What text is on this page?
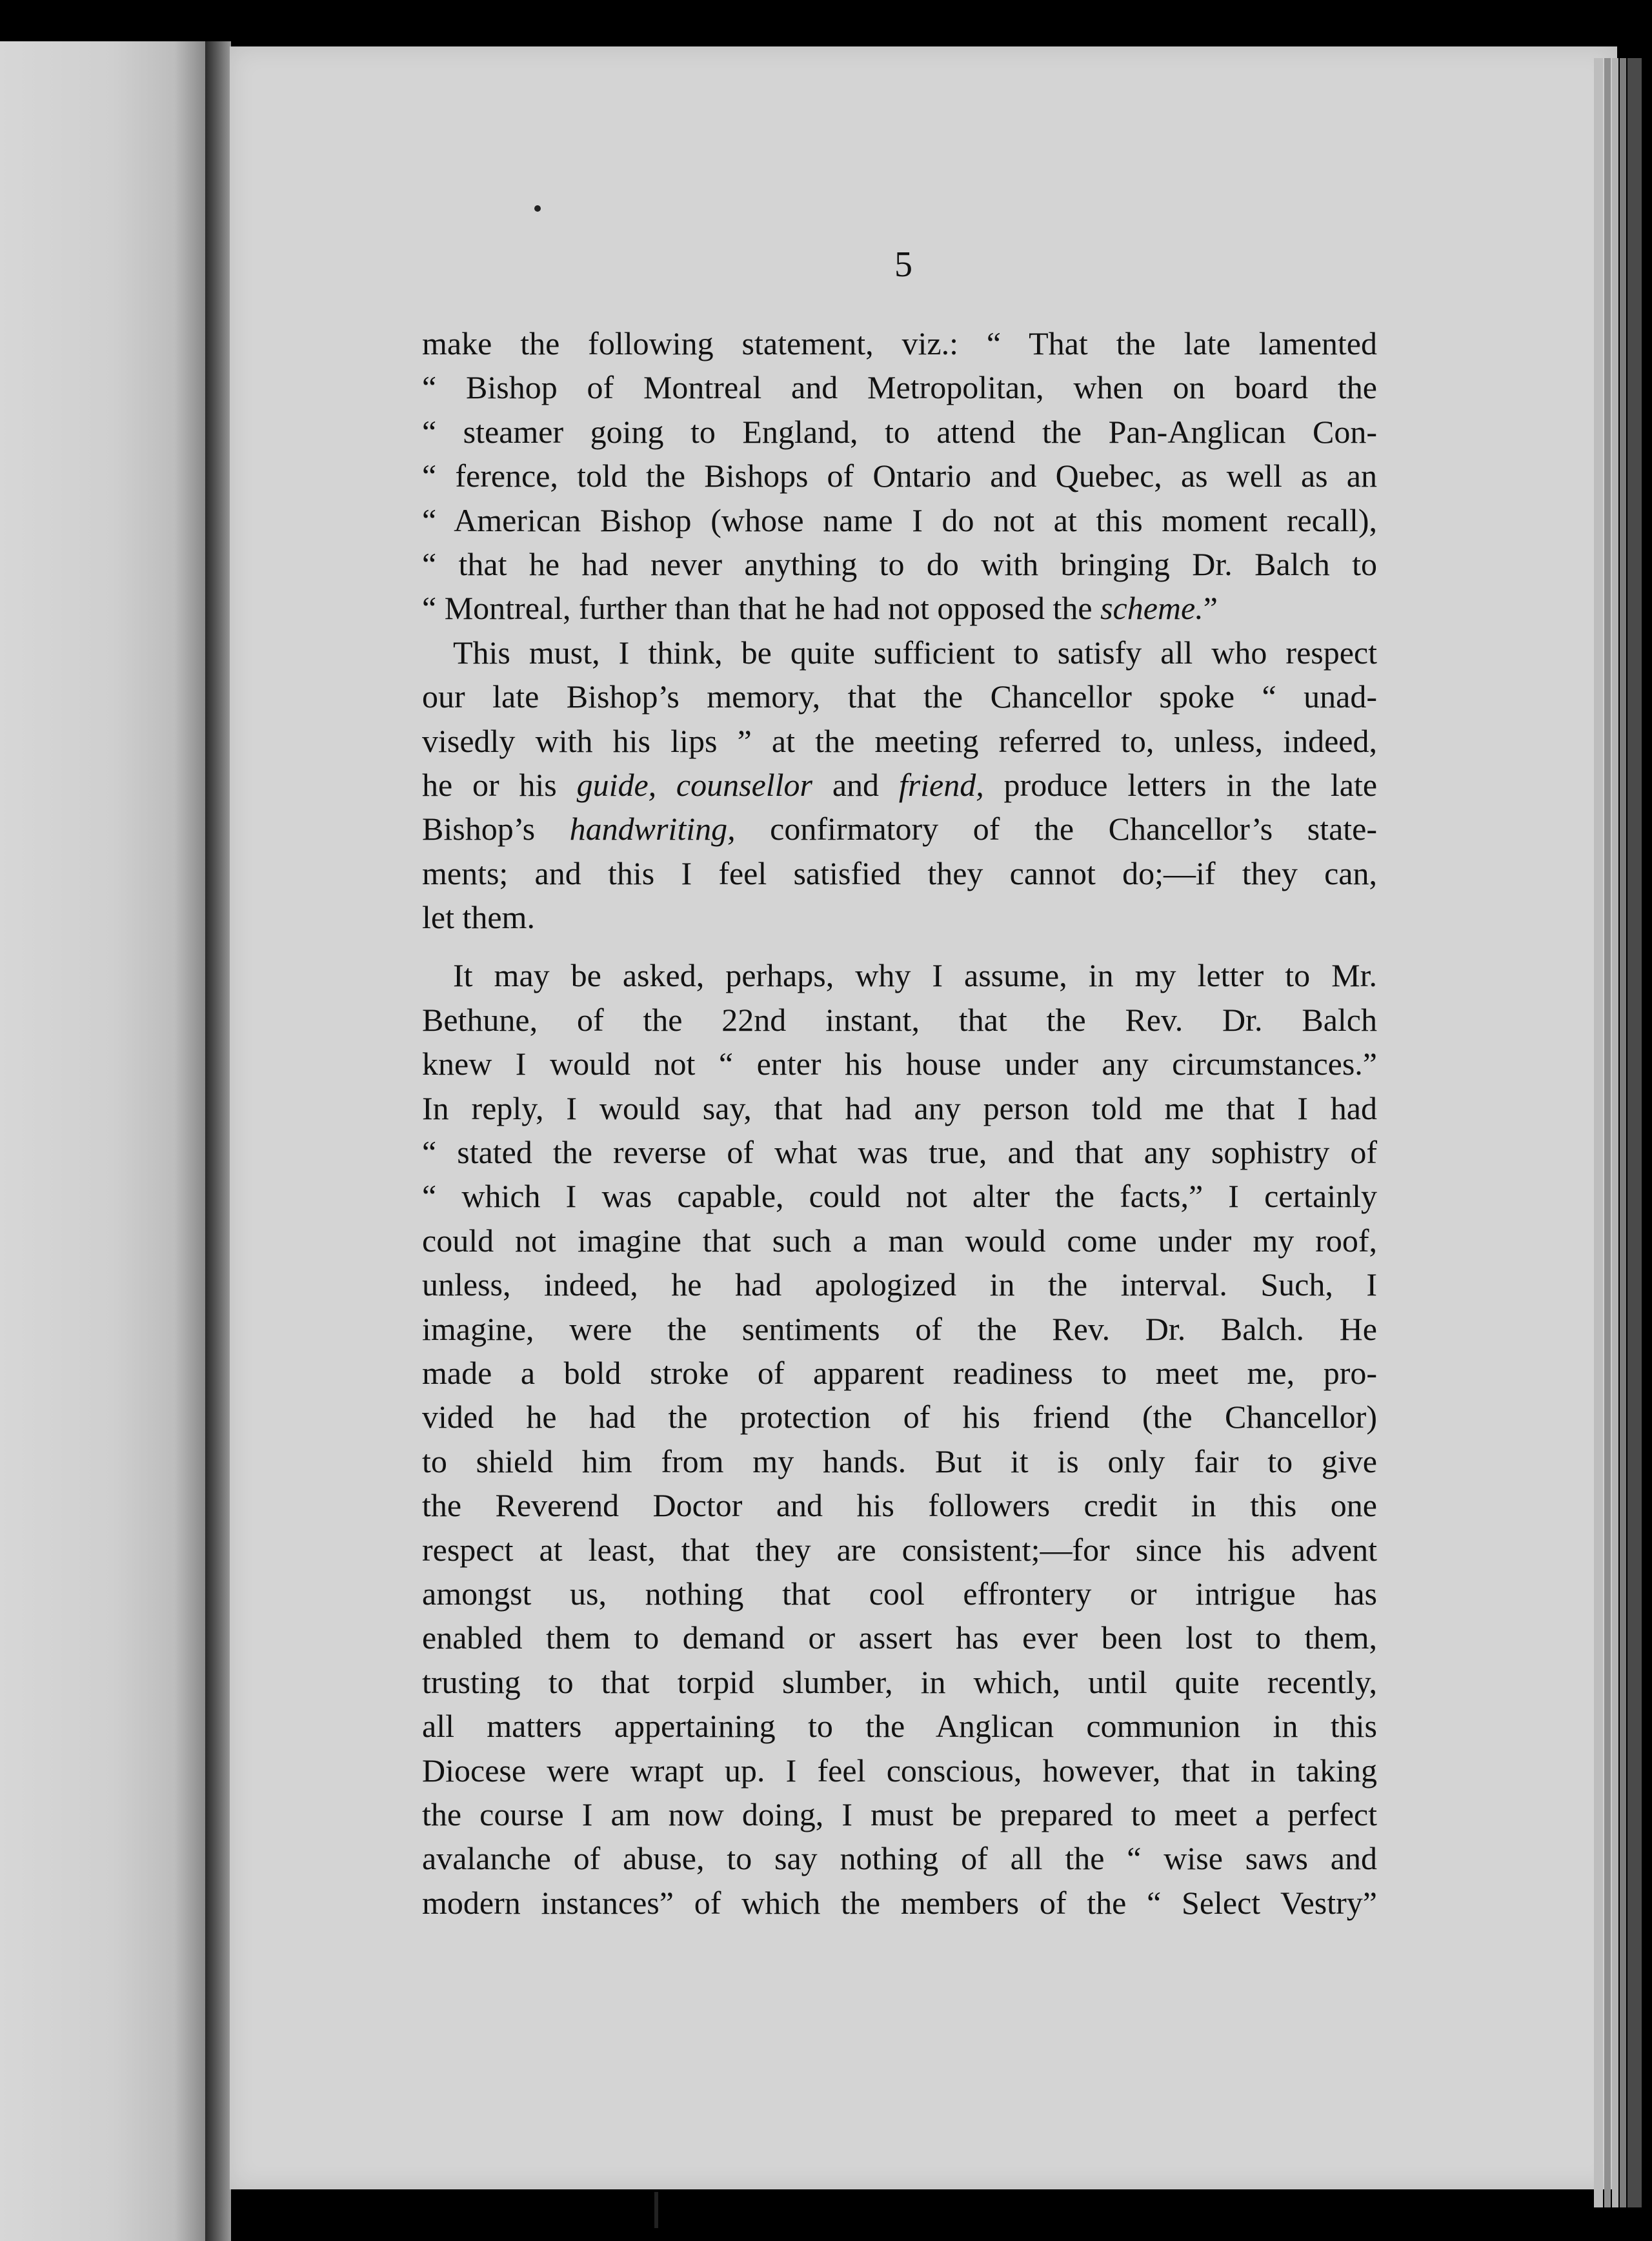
5
make the following statement, viz.: “ That the late lamented
“ Bishop of Montreal and Metropolitan, when on board the
“ steamer going to England, to attend the Pan-Anglican Con-
“ ference, told the Bishops of Ontario and Quebec, as well as an
“ American Bishop (whose name I do not at this moment recall),
“ that he had never anything to do with bringing Dr. Balch to
“ Montreal, further than that he had not opposed the scheme.”
This must, I think, be quite sufficient to satisfy all who respect
our late Bishop’s memory, that the Chancellor spoke “ unad-
visedly with his lips ” at the meeting referred to, unless, indeed,
he or his guide, counsellor and friend, produce letters in the late
Bishop’s handwriting, confirmatory of the Chancellor’s state-
ments; and this I feel satisfied they cannot do;—if they can,
let them.
It may be asked, perhaps, why I assume, in my letter to Mr.
Bethune, of the 22nd instant, that the Rev. Dr. Balch
knew I would not “ enter his house under any circumstances.”
In reply, I would say, that had any person told me that I had
“ stated the reverse of what was true, and that any sophistry of
“ which I was capable, could not alter the facts,” I certainly
could not imagine that such a man would come under my roof,
unless, indeed, he had apologized in the interval. Such, I
imagine, were the sentiments of the Rev. Dr. Balch. He
made a bold stroke of apparent readiness to meet me, pro-
vided he had the protection of his friend (the Chancellor)
to shield him from my hands. But it is only fair to give
the Reverend Doctor and his followers credit in this one
respect at least, that they are consistent;—for since his advent
amongst us, nothing that cool effrontery or intrigue has
enabled them to demand or assert has ever been lost to them,
trusting to that torpid slumber, in which, until quite recently,
all matters appertaining to the Anglican communion in this
Diocese were wrapt up. I feel conscious, however, that in taking
the course I am now doing, I must be prepared to meet a perfect
avalanche of abuse, to say nothing of all the “ wise saws and
modern instances” of which the members of the “ Select Vestry”
